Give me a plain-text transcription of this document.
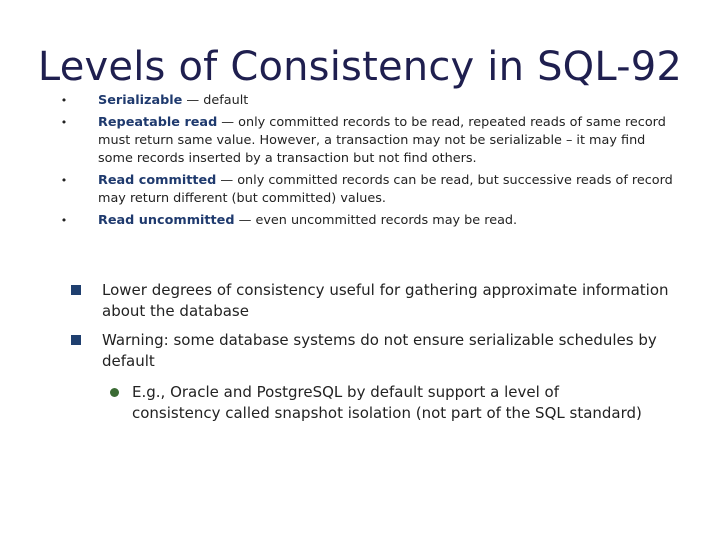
Levels of Consistency in SQL-92
• Serializable — default
• Repeatable read — only committed records to be read, repeated reads of same record must return same value. However, a transaction may not be serializable – it may find some records inserted by a transaction but not find others.
• Read committed — only committed records can be read, but successive reads of record may return different (but committed) values.
• Read uncommitted — even uncommitted records may be read.
Lower degrees of consistency useful for gathering approximate information about the database
Warning: some database systems do not ensure serializable schedules by default
E.g., Oracle and PostgreSQL by default support a level of consistency called snapshot isolation (not part of the SQL standard)
